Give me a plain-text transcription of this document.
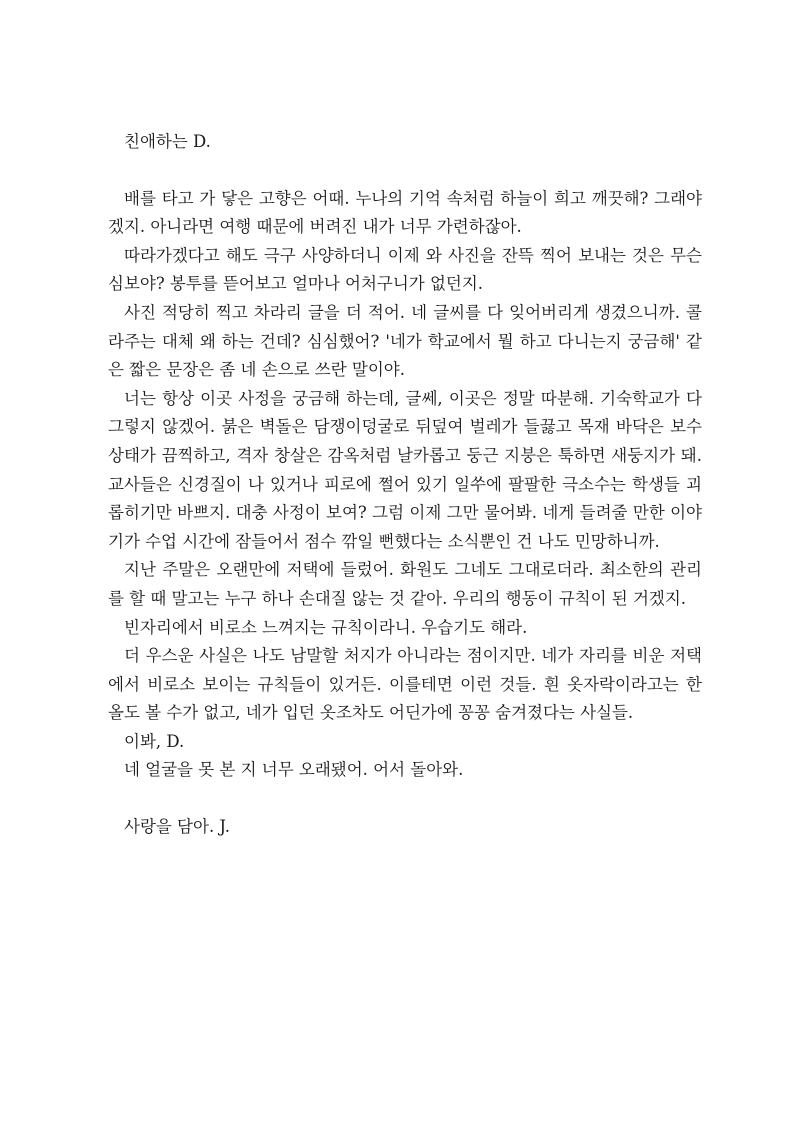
친애하는 D.

배를 타고 가 닿은 고향은 어때. 누나의 기억 속처럼 하늘이 희고 깨끗해? 그래야겠지. 아니라면 여행 때문에 버려진 내가 너무 가련하잖아.

따라가겠다고 해도 극구 사양하더니 이제 와 사진을 잔뜩 찍어 보내는 것은 무슨 심보야? 봉투를 뜯어보고 얼마나 어처구니가 없던지.

사진 적당히 찍고 차라리 글을 더 적어. 네 글씨를 다 잊어버리게 생겼으니까. 콜라주는 대체 왜 하는 건데? 심심했어? '네가 학교에서 뭘 하고 다니는지 궁금해' 같은 짧은 문장은 좀 네 손으로 쓰란 말이야.

너는 항상 이곳 사정을 궁금해 하는데, 글쎄, 이곳은 정말 따분해. 기숙학교가 다 그렇지 않겠어. 붉은 벽돌은 담쟁이덩굴로 뒤덮여 벌레가 들끓고 목재 바닥은 보수 상태가 끔찍하고, 격자 창살은 감옥처럼 날카롭고 둥근 지붕은 툭하면 새둥지가 돼. 교사들은 신경질이 나 있거나 피로에 쩔어 있기 일쑤에 팔팔한 극소수는 학생들 괴롭히기만 바쁘지. 대충 사정이 보여? 그럼 이제 그만 물어봐. 네게 들려줄 만한 이야기가 수업 시간에 잠들어서 점수 깎일 뻔했다는 소식뿐인 건 나도 민망하니까.

지난 주말은 오랜만에 저택에 들렀어. 화원도 그네도 그대로더라. 최소한의 관리를 할 때 말고는 누구 하나 손대질 않는 것 같아. 우리의 행동이 규칙이 된 거겠지.

빈자리에서 비로소 느껴지는 규칙이라니. 우습기도 해라.

더 우스운 사실은 나도 남말할 처지가 아니라는 점이지만. 네가 자리를 비운 저택에서 비로소 보이는 규칙들이 있거든. 이를테면 이런 것들. 흰 옷자락이라고는 한 올도 볼 수가 없고, 네가 입던 옷조차도 어딘가에 꽁꽁 숨겨졌다는 사실들.

이봐, D.

네 얼굴을 못 본 지 너무 오래됐어. 어서 돌아와.

사랑을 담아. J.
